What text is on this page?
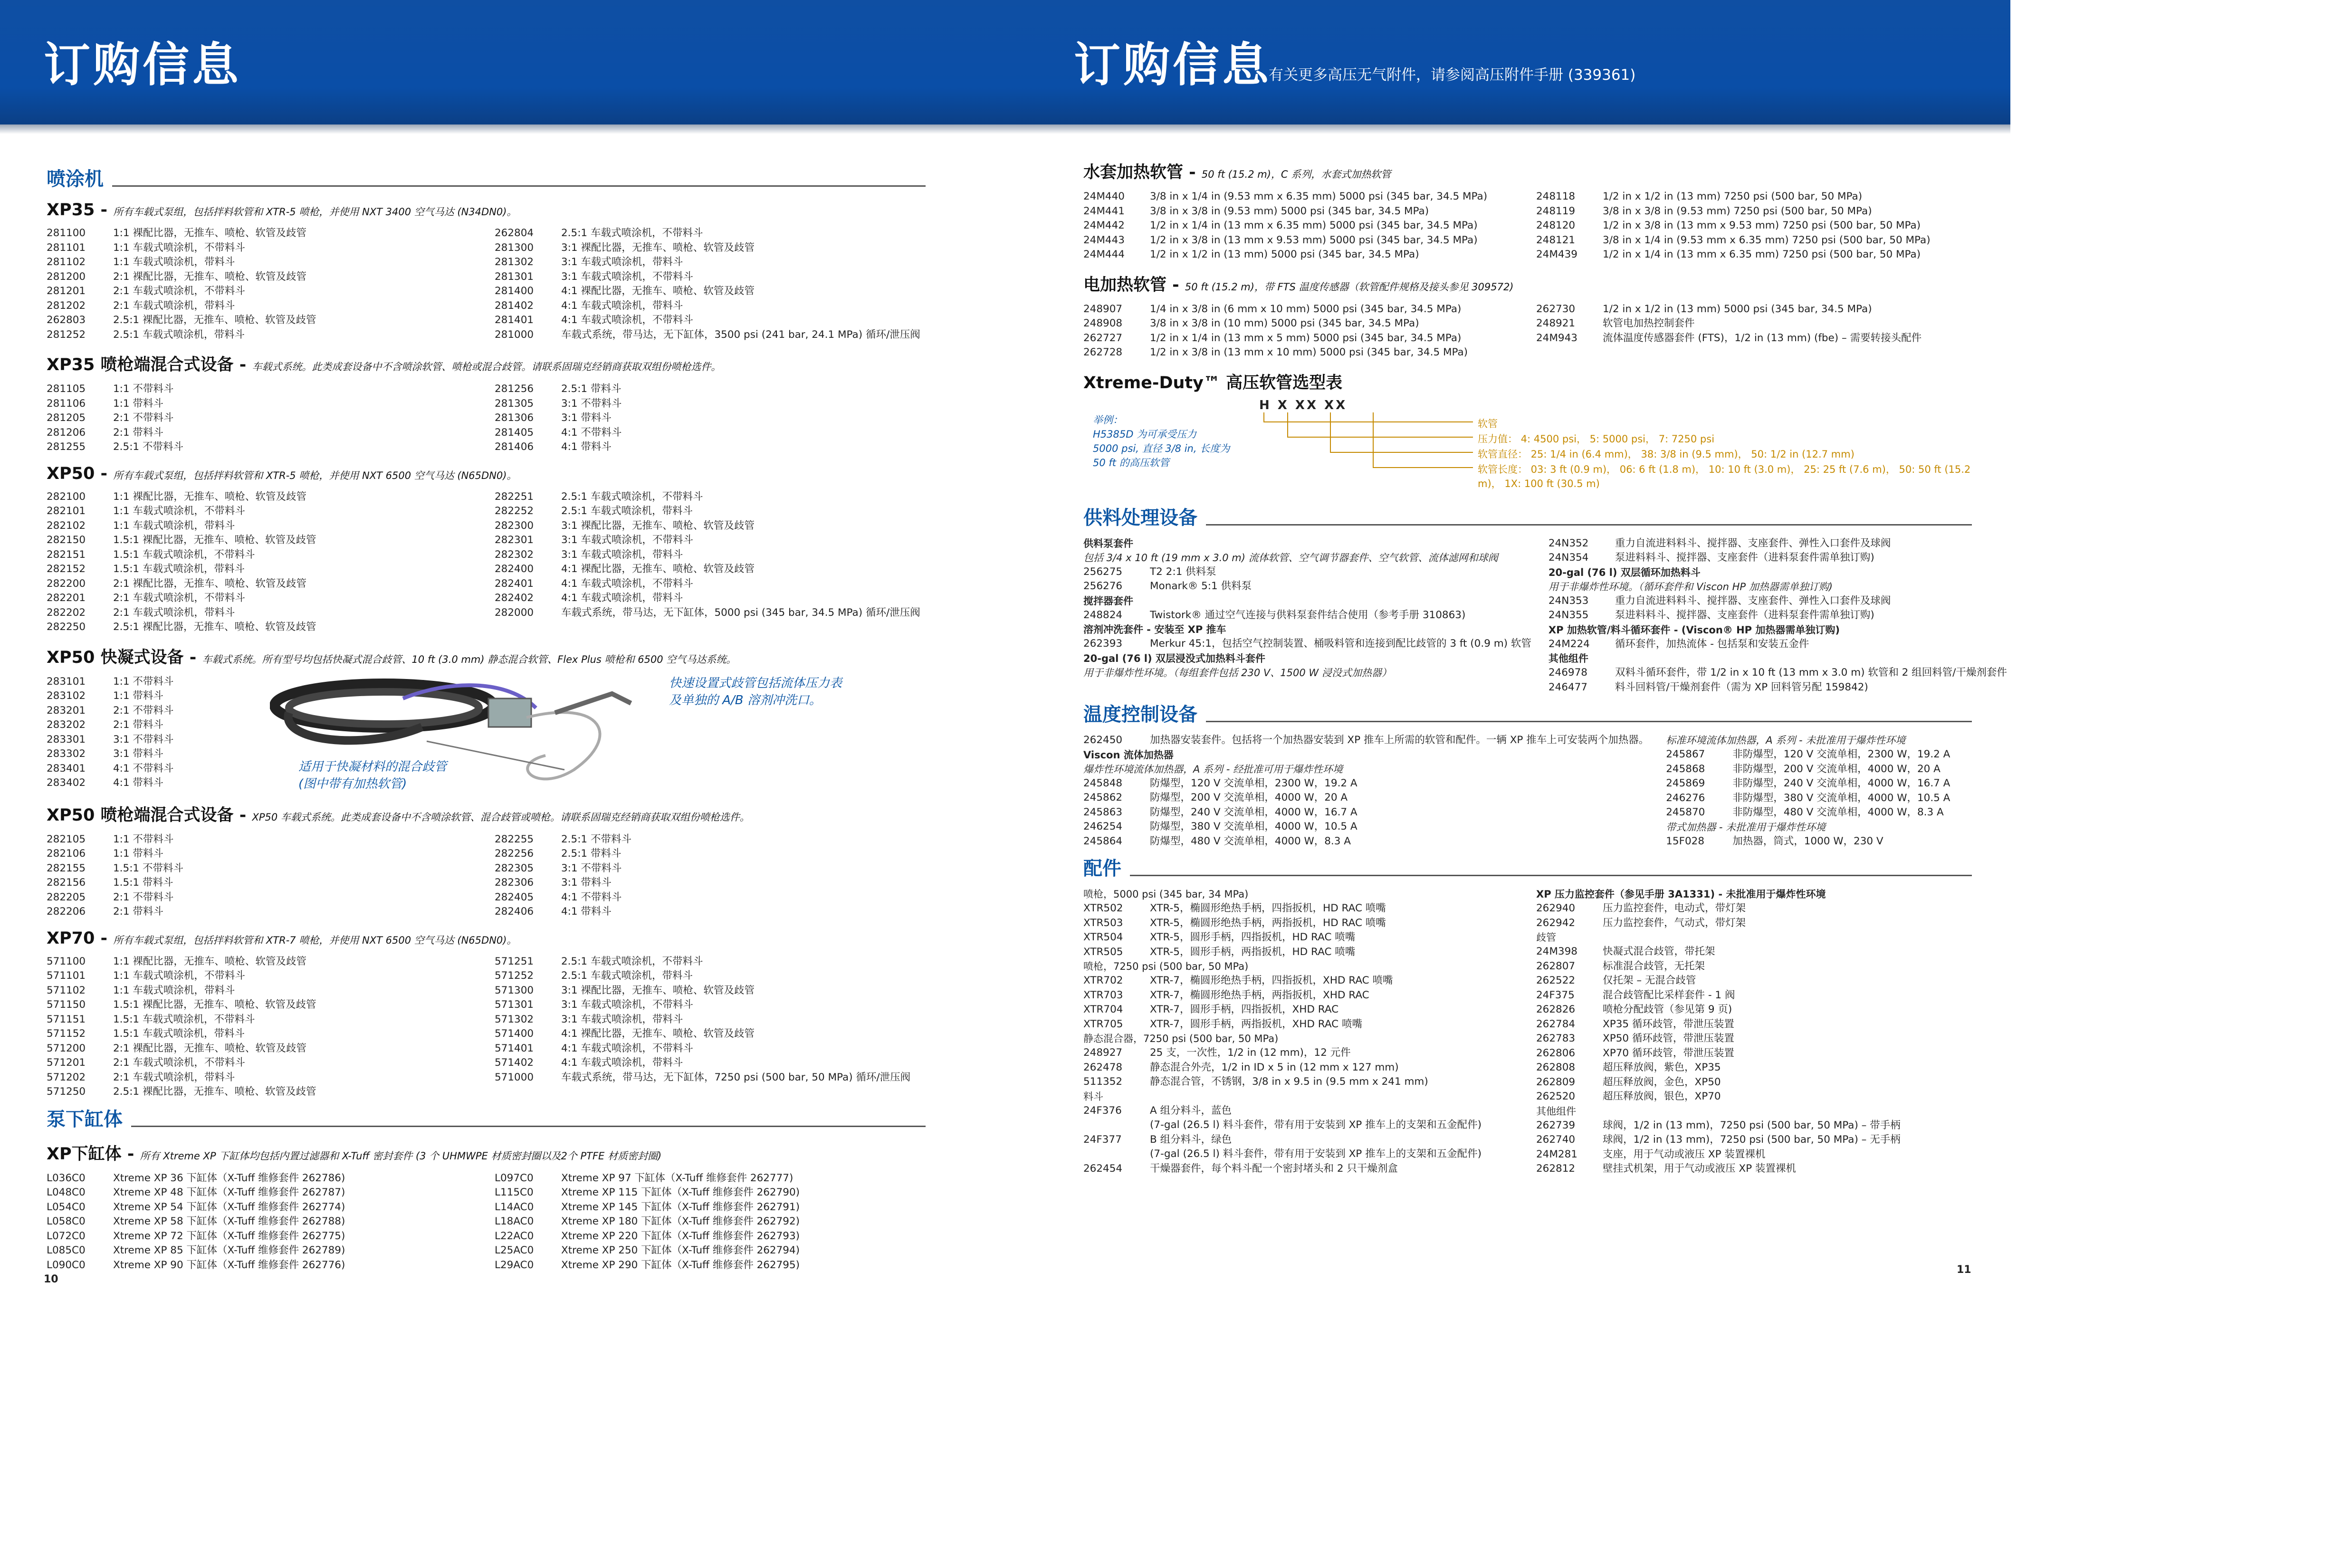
订购信息	订购信息
有关更多高压无气附件，请参阅高压附件手册 (339361)
喷涂机
XP35 - 所有车载式泵组，包括拌料软管和 XTR-5 喷枪，并使用 NXT 3400 空气马达 (N34DN0)。
281100	1:1 裸配比器，无推车、喷枪、软管及歧管
281101	1:1 车载式喷涂机，不带料斗
281102	1:1 车载式喷涂机，带料斗
281200	2:1 裸配比器，无推车、喷枪、软管及歧管
281201	2:1 车载式喷涂机，不带料斗
281202	2:1 车载式喷涂机，带料斗
262803	2.5:1 裸配比器，无推车、喷枪、软管及歧管
281252	2.5:1 车载式喷涂机，带料斗
262804	2.5:1 车载式喷涂机，不带料斗
281300	3:1 裸配比器，无推车、喷枪、软管及歧管
281302	3:1 车载式喷涂机，带料斗
281301	3:1 车载式喷涂机，不带料斗
281400	4:1 裸配比器，无推车、喷枪、软管及歧管
281402	4:1 车载式喷涂机，带料斗
281401	4:1 车载式喷涂机，不带料斗
281000	车载式系统，带马达，无下缸体，3500 psi (241 bar, 24.1 MPa) 循环/泄压阀
XP35 喷枪端混合式设备 - 车载式系统。此类成套设备中不含喷涂软管、喷枪或混合歧管。请联系固瑞克经销商获取双组份喷枪选件。
281105	1:1 不带料斗
281106	1:1 带料斗
281205	2:1 不带料斗
281206	2:1 带料斗
281255	2.5:1 不带料斗
281256	2.5:1 带料斗
281305	3:1 不带料斗
281306	3:1 带料斗
281405	4:1 不带料斗
281406	4:1 带料斗
XP50 - 所有车载式泵组，包括拌料软管和 XTR-5 喷枪，并使用 NXT 6500 空气马达 (N65DN0)。
282100	1:1 裸配比器，无推车、喷枪、软管及歧管
282101	1:1 车载式喷涂机，不带料斗
282102	1:1 车载式喷涂机，带料斗
282150	1.5:1 裸配比器，无推车、喷枪、软管及歧管
282151	1.5:1 车载式喷涂机，不带料斗
282152	1.5:1 车载式喷涂机，带料斗
282200	2:1 裸配比器，无推车、喷枪、软管及歧管
282201	2:1 车载式喷涂机，不带料斗
282202	2:1 车载式喷涂机，带料斗
282250	2.5:1 裸配比器，无推车、喷枪、软管及歧管
282251	2.5:1 车载式喷涂机，不带料斗
282252	2.5:1 车载式喷涂机，带料斗
282300	3:1 裸配比器，无推车、喷枪、软管及歧管
282301	3:1 车载式喷涂机，不带料斗
282302	3:1 车载式喷涂机，带料斗
282400	4:1 裸配比器，无推车、喷枪、软管及歧管
282401	4:1 车载式喷涂机，不带料斗
282402	4:1 车载式喷涂机，带料斗
282000	车载式系统，带马达，无下缸体，5000 psi (345 bar, 34.5 MPa) 循环/泄压阀
XP50 快凝式设备 - 车载式系统。所有型号均包括快凝式混合歧管、10 ft (3.0 mm) 静态混合软管、Flex Plus 喷枪和 6500 空气马达系统。
283101	1:1 不带料斗
283102	1:1 带料斗
283201	2:1 不带料斗
283202	2:1 带料斗
283301	3:1 不带料斗
283302	3:1 带料斗
283401	4:1 不带料斗
283402	4:1 带料斗
快速设置式歧管包括流体压力表
及单独的 A/B 溶剂冲洗口。
适用于快凝材料的混合歧管
(图中带有加热软管)
XP50 喷枪端混合式设备 - XP50 车载式系统。此类成套设备中不含喷涂软管、混合歧管或喷枪。请联系固瑞克经销商获取双组份喷枪选件。
282105	1:1 不带料斗
282106	1:1 带料斗
282155	1.5:1 不带料斗
282156	1.5:1 带料斗
282205	2:1 不带料斗
282206	2:1 带料斗
282255	2.5:1 不带料斗
282256	2.5:1 带料斗
282305	3:1 不带料斗
282306	3:1 带料斗
282405	4:1 不带料斗
282406	4:1 带料斗
XP70 - 所有车载式泵组，包括拌料软管和 XTR-7 喷枪，并使用 NXT 6500 空气马达 (N65DN0)。
571100	1:1 裸配比器，无推车、喷枪、软管及歧管
571101	1:1 车载式喷涂机，不带料斗
571102	1:1 车载式喷涂机，带料斗
571150	1.5:1 裸配比器，无推车、喷枪、软管及歧管
571151	1.5:1 车载式喷涂机，不带料斗
571152	1.5:1 车载式喷涂机，带料斗
571200	2:1 裸配比器，无推车、喷枪、软管及歧管
571201	2:1 车载式喷涂机，不带料斗
571202	2:1 车载式喷涂机，带料斗
571250	2.5:1 裸配比器，无推车、喷枪、软管及歧管
571251	2.5:1 车载式喷涂机，不带料斗
571252	2.5:1 车载式喷涂机，带料斗
571300	3:1 裸配比器，无推车、喷枪、软管及歧管
571301	3:1 车载式喷涂机，不带料斗
571302	3:1 车载式喷涂机，带料斗
571400	4:1 裸配比器，无推车、喷枪、软管及歧管
571401	4:1 车载式喷涂机，不带料斗
571402	4:1 车载式喷涂机，带料斗
571000	车载式系统，带马达，无下缸体，7250 psi (500 bar, 50 MPa) 循环/泄压阀
泵下缸体
XP下缸体 - 所有 Xtreme XP 下缸体均包括内置过滤器和 X-Tuff 密封套件 (3 个 UHMWPE 材质密封圈以及2个 PTFE 材质密封圈)
L036C0	Xtreme XP 36 下缸体（X-Tuff 维修套件 262786)
L048C0	Xtreme XP 48 下缸体（X-Tuff 维修套件 262787)
L054C0	Xtreme XP 54 下缸体（X-Tuff 维修套件 262774)
L058C0	Xtreme XP 58 下缸体（X-Tuff 维修套件 262788)
L072C0	Xtreme XP 72 下缸体（X-Tuff 维修套件 262775)
L085C0	Xtreme XP 85 下缸体（X-Tuff 维修套件 262789)
L090C0	Xtreme XP 90 下缸体（X-Tuff 维修套件 262776)
L097C0	Xtreme XP 97 下缸体（X-Tuff 维修套件 262777)
L115C0	Xtreme XP 115 下缸体（X-Tuff 维修套件 262790)
L14AC0	Xtreme XP 145 下缸体（X-Tuff 维修套件 262791)
L18AC0	Xtreme XP 180 下缸体（X-Tuff 维修套件 262792)
L22AC0	Xtreme XP 220 下缸体（X-Tuff 维修套件 262793)
L25AC0	Xtreme XP 250 下缸体（X-Tuff 维修套件 262794)
L29AC0	Xtreme XP 290 下缸体（X-Tuff 维修套件 262795)
10
水套加热软管 - 50 ft (15.2 m)，C 系列，水套式加热软管
24M440	3/8 in x 1/4 in (9.53 mm x 6.35 mm) 5000 psi (345 bar, 34.5 MPa)
24M441	3/8 in x 3/8 in (9.53 mm) 5000 psi (345 bar, 34.5 MPa)
24M442	1/2 in x 1/4 in (13 mm x 6.35 mm) 5000 psi (345 bar, 34.5 MPa)
24M443	1/2 in x 3/8 in (13 mm x 9.53 mm) 5000 psi (345 bar, 34.5 MPa)
24M444	1/2 in x 1/2 in (13 mm) 5000 psi (345 bar, 34.5 MPa)
248118	1/2 in x 1/2 in (13 mm) 7250 psi (500 bar, 50 MPa)
248119	3/8 in x 3/8 in (9.53 mm) 7250 psi (500 bar, 50 MPa)
248120	1/2 in x 3/8 in (13 mm x 9.53 mm) 7250 psi (500 bar, 50 MPa)
248121	3/8 in x 1/4 in (9.53 mm x 6.35 mm) 7250 psi (500 bar, 50 MPa)
24M439	1/2 in x 1/4 in (13 mm x 6.35 mm) 7250 psi (500 bar, 50 MPa)
电加热软管 - 50 ft (15.2 m)，带 FTS 温度传感器（软管配件规格及接头参见 309572)
248907	1/4 in x 3/8 in (6 mm x 10 mm) 5000 psi (345 bar, 34.5 MPa)
248908	3/8 in x 3/8 in (10 mm) 5000 psi (345 bar, 34.5 MPa)
262727	1/2 in x 1/4 in (13 mm x 5 mm) 5000 psi (345 bar, 34.5 MPa)
262728	1/2 in x 3/8 in (13 mm x 10 mm) 5000 psi (345 bar, 34.5 MPa)
262730	1/2 in x 1/2 in (13 mm) 5000 psi (345 bar, 34.5 MPa)
248921	软管电加热控制套件
24M943	流体温度传感器套件 (FTS)，1/2 in (13 mm) (fbe) – 需要转接头配件
Xtreme-Duty™ 高压软管选型表
H X XX XX
举例：
H5385D 为可承受压力
5000 psi, 直径 3/8 in, 长度为
50 ft 的高压软管
软管
压力值： 4: 4500 psi， 5: 5000 psi， 7: 7250 psi
软管直径： 25: 1/4 in (6.4 mm)， 38: 3/8 in (9.5 mm)， 50: 1/2 in (12.7 mm)
软管长度： 03: 3 ft (0.9 m)， 06: 6 ft (1.8 m)， 10: 10 ft (3.0 m)， 25: 25 ft (7.6 m)， 50: 50 ft (15.2 m)， 1X: 100 ft (30.5 m)
供料处理设备
供料泵套件
包括 3/4 x 10 ft (19 mm x 3.0 m) 流体软管、空气调节器套件、空气软管、流体滤网和球阀
256275	T2 2:1 供料泵
256276	Monark® 5:1 供料泵
搅拌器套件
248824	Twistork® 通过空气连接与供料泵套件结合使用（参考手册 310863)
溶剂冲洗套件 - 安装至 XP 推车
262393	Merkur 45:1，包括空气控制装置、桶吸料管和连接到配比歧管的 3 ft (0.9 m) 软管
20-gal (76 l) 双层浸没式加热料斗套件
用于非爆炸性环境。（每组套件包括 230 V、1500 W 浸没式加热器）
24N352	重力自流进料料斗、搅拌器、支座套件、弹性入口套件及球阀
24N354	泵进料料斗、搅拌器、支座套件（进料泵套件需单独订购)
20-gal (76 l) 双层循环加热料斗
用于非爆炸性环境。（循环套件和 Viscon HP 加热器需单独订购)
24N353	重力自流进料料斗、搅拌器、支座套件、弹性入口套件及球阀
24N355	泵进料料斗、搅拌器、支座套件（进料泵套件需单独订购)
XP 加热软管/料斗循环套件 - (Viscon® HP 加热器需单独订购)
24M224	循环套件，加热流体 - 包括泵和安装五金件
其他组件
246978	双料斗循环套件，带 1/2 in x 10 ft (13 mm x 3.0 m) 软管和 2 组回料管/干燥剂套件
246477	料斗回料管/干燥剂套件（需为 XP 回料管另配 159842)
温度控制设备
262450	加热器安装套件。包括将一个加热器安装到 XP 推车上所需的软管和配件。一辆 XP 推车上可安装两个加热器。
Viscon 流体加热器
爆炸性环境流体加热器，A 系列 - 经批准可用于爆炸性环境
245848	防爆型，120 V 交流单相，2300 W，19.2 A
245862	防爆型，200 V 交流单相，4000 W，20 A
245863	防爆型，240 V 交流单相，4000 W，16.7 A
246254	防爆型，380 V 交流单相，4000 W，10.5 A
245864	防爆型，480 V 交流单相，4000 W，8.3 A
标准环境流体加热器，A 系列 - 未批准用于爆炸性环境
245867	非防爆型，120 V 交流单相，2300 W，19.2 A
245868	非防爆型，200 V 交流单相，4000 W，20 A
245869	非防爆型，240 V 交流单相，4000 W，16.7 A
246276	非防爆型，380 V 交流单相，4000 W，10.5 A
245870	非防爆型，480 V 交流单相，4000 W，8.3 A
带式加热器 - 未批准用于爆炸性环境
15F028	加热器，筒式，1000 W，230 V
配件
喷枪，5000 psi (345 bar, 34 MPa)
XTR502	XTR-5，椭圆形绝热手柄，四指扳机，HD RAC 喷嘴
XTR503	XTR-5，椭圆形绝热手柄，两指扳机，HD RAC 喷嘴
XTR504	XTR-5，圆形手柄，四指扳机，HD RAC 喷嘴
XTR505	XTR-5，圆形手柄，两指扳机，HD RAC 喷嘴
喷枪，7250 psi (500 bar, 50 MPa)
XTR702	XTR-7，椭圆形绝热手柄，四指扳机，XHD RAC 喷嘴
XTR703	XTR-7，椭圆形绝热手柄，两指扳机，XHD RAC
XTR704	XTR-7，圆形手柄，四指扳机，XHD RAC
XTR705	XTR-7，圆形手柄，两指扳机，XHD RAC 喷嘴
静态混合器，7250 psi (500 bar, 50 MPa)
248927	25 支，一次性，1/2 in (12 mm)，12 元件
262478	静态混合外壳，1/2 in ID x 5 in (12 mm x 127 mm)
511352	静态混合管，不锈钢，3/8 in x 9.5 in (9.5 mm x 241 mm)
料斗
24F376	A 组分料斗，蓝色
(7-gal (26.5 l) 料斗套件，带有用于安装到 XP 推车上的支架和五金配件)
24F377	B 组分料斗，绿色
(7-gal (26.5 l) 料斗套件，带有用于安装到 XP 推车上的支架和五金配件)
262454	干燥器套件，每个料斗配一个密封堵头和 2 只干燥剂盒
XP 压力监控套件（参见手册 3A1331) - 未批准用于爆炸性环境
262940	压力监控套件，电动式，带灯架
262942	压力监控套件，气动式，带灯架
歧管
24M398	快凝式混合歧管，带托架
262807	标准混合歧管，无托架
262522	仅托架 – 无混合歧管
24F375	混合歧管配比采样套件 - 1 阀
262826	喷枪分配歧管（参见第 9 页)
262784	XP35 循环歧管，带泄压装置
262783	XP50 循环歧管，带泄压装置
262806	XP70 循环歧管，带泄压装置
262808	超压释放阀，紫色，XP35
262809	超压释放阀，金色，XP50
262520	超压释放阀，银色，XP70
其他组件
262739	球阀，1/2 in (13 mm)，7250 psi (500 bar, 50 MPa) – 带手柄
262740	球阀，1/2 in (13 mm)，7250 psi (500 bar, 50 MPa) – 无手柄
24M281	支座，用于气动或液压 XP 装置裸机
262812	壁挂式机架，用于气动或液压 XP 装置裸机
11
